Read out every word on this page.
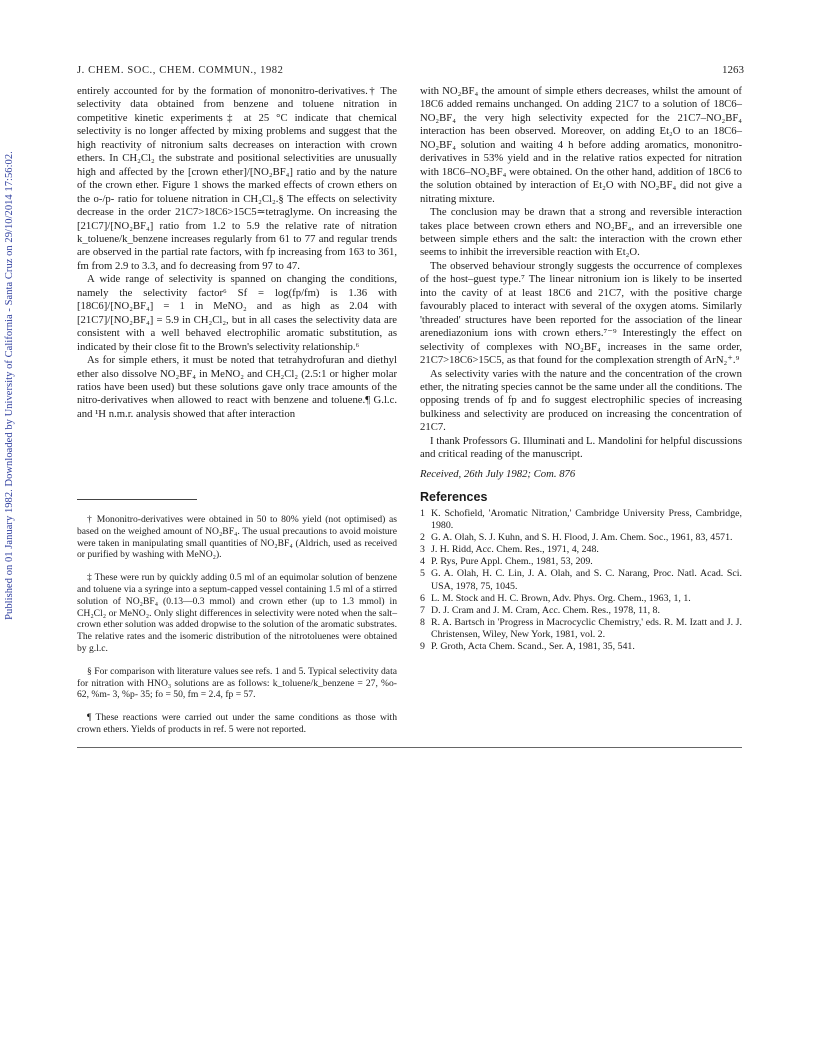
Published on 01 January 1982. Downloaded by University of California - Santa Cruz on 29/10/2014 17:56:02.
J. CHEM. SOC., CHEM. COMMUN., 1982	1263

entirely accounted for by the formation of mononitro-derivatives.† The selectivity data obtained from benzene and toluene nitration in competitive kinetic experiments‡ at 25 °C indicate that chemical selectivity is no longer affected by mixing problems and suggest that the high reactivity of nitronium salts decreases on interaction with crown ethers. In CH₂Cl₂ the substrate and positional selectivities are unusually high and affected by the [crown ether]/[NO₂BF₄] ratio and by the nature of the crown ether. Figure 1 shows the marked effects of crown ethers on the o-/p- ratio for toluene nitration in CH₂Cl₂.§ The effects on selectivity decrease in the order 21C7>18C6>15C5≃tetraglyme. On increasing the [21C7]/[NO₂BF₄] ratio from 1.2 to 5.9 the relative rate of nitration k_toluene/k_benzene increases regularly from 61 to 77 and regular trends are observed in the partial rate factors, with fp increasing from 163 to 361, fm from 2.9 to 3.3, and fo decreasing from 97 to 47.

A wide range of selectivity is spanned on changing the conditions, namely the selectivity factor⁶ Sf = log(fp/fm) is 1.36 with [18C6]/[NO₂BF₄] = 1 in MeNO₂ and as high as 2.04 with [21C7]/[NO₂BF₄] = 5.9 in CH₂Cl₂, but in all cases the selectivity data are consistent with a well behaved electrophilic aromatic substitution, as indicated by their close fit to the Brown's selectivity relationship.⁶

As for simple ethers, it must be noted that tetrahydrofuran and diethyl ether also dissolve NO₂BF₄ in MeNO₂ and CH₂Cl₂ (2.5:1 or higher molar ratios have been used) but these solutions gave only trace amounts of the nitro-derivatives when allowed to react with benzene and toluene.¶ G.l.c. and ¹H n.m.r. analysis showed that after interaction

† Mononitro-derivatives were obtained in 50 to 80% yield (not optimised) as based on the weighed amount of NO₂BF₄. The usual precautions to avoid moisture were taken in manipulating small quantities of NO₂BF₄ (Aldrich, used as received or purified by washing with MeNO₂).

‡ These were run by quickly adding 0.5 ml of an equimolar solution of benzene and toluene via a syringe into a septum-capped vessel containing 1.5 ml of a stirred solution of NO₂BF₄ (0.13—0.3 mmol) and crown ether (up to 1.3 mmol) in CH₂Cl₂ or MeNO₂. Only slight differences in selectivity were noted when the salt–crown ether solution was added dropwise to the solution of the aromatic substrates. The relative rates and the isomeric distribution of the nitrotoluenes were obtained by g.l.c.

§ For comparison with literature values see refs. 1 and 5. Typical selectivity data for nitration with HNO₃ solutions are as follows: k_toluene/k_benzene = 27, %o- 62, %m- 3, %p- 35; fo = 50, fm = 2.4, fp = 57.

¶ These reactions were carried out under the same conditions as those with crown ethers. Yields of products in ref. 5 were not reported.

with NO₂BF₄ the amount of simple ethers decreases, whilst the amount of 18C6 added remains unchanged. On adding 21C7 to a solution of 18C6–NO₂BF₄ the very high selectivity expected for the 21C7–NO₂BF₄ interaction has been observed. Moreover, on adding Et₂O to an 18C6–NO₂BF₄ solution and waiting 4 h before adding aromatics, mononitro-derivatives in 53% yield and in the relative ratios expected for nitration with 18C6–NO₂BF₄ were obtained. On the other hand, addition of 18C6 to the solution obtained by interaction of Et₂O with NO₂BF₄ did not give a nitrating mixture.

The conclusion may be drawn that a strong and reversible interaction takes place between crown ethers and NO₂BF₄, and an irreversible one between simple ethers and the salt: the interaction with the crown ether seems to inhibit the irreversible reaction with Et₂O.

The observed behaviour strongly suggests the occurrence of complexes of the host–guest type.⁷ The linear nitronium ion is likely to be inserted into the cavity of at least 18C6 and 21C7, with the positive charge favourably placed to interact with several of the oxygen atoms. Similarly 'threaded' structures have been reported for the association of the linear arenediazonium ions with crown ethers.⁷⁻⁹ Interestingly the effect on selectivity of complexes with NO₂BF₄ increases in the same order, 21C7>18C6>15C5, as that found for the complexation strength of ArN₂⁺.⁹

As selectivity varies with the nature and the concentration of the crown ether, the nitrating species cannot be the same under all the conditions. The opposing trends of fp and fo suggest electrophilic species of increasing bulkiness and selectivity are produced on increasing the concentration of 21C7.

I thank Professors G. Illuminati and L. Mandolini for helpful discussions and critical reading of the manuscript.

Received, 26th July 1982; Com. 876

References
1 K. Schofield, 'Aromatic Nitration,' Cambridge University Press, Cambridge, 1980.
2 G. A. Olah, S. J. Kuhn, and S. H. Flood, J. Am. Chem. Soc., 1961, 83, 4571.
3 J. H. Ridd, Acc. Chem. Res., 1971, 4, 248.
4 P. Rys, Pure Appl. Chem., 1981, 53, 209.
5 G. A. Olah, H. C. Lin, J. A. Olah, and S. C. Narang, Proc. Natl. Acad. Sci. USA, 1978, 75, 1045.
6 L. M. Stock and H. C. Brown, Adv. Phys. Org. Chem., 1963, 1, 1.
7 D. J. Cram and J. M. Cram, Acc. Chem. Res., 1978, 11, 8.
8 R. A. Bartsch in 'Progress in Macrocyclic Chemistry,' eds. R. M. Izatt and J. J. Christensen, Wiley, New York, 1981, vol. 2.
9 P. Groth, Acta Chem. Scand., Ser. A, 1981, 35, 541.
